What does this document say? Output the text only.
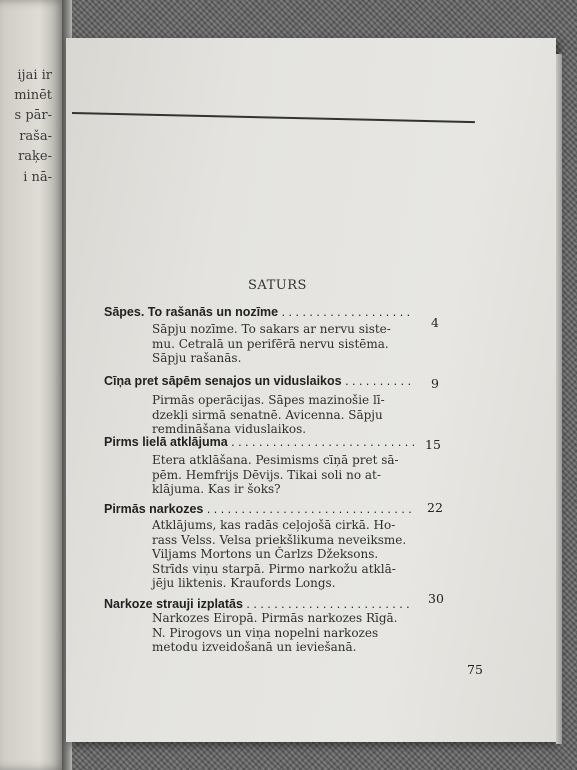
ijai ir
minēt
s pār-
raša-
raķe-
i nā-
SATURS
Sāpes. To rašanās un nozīme . . .
4
Sāpju nozīme. To sakars ar nervu siste-
mu. Cetralā un perifērā nervu sistēma.
Sāpju rašanās.
Cīņa pret sāpēm senajos un viduslaikos . . .	9
Pirmās operācijas. Sāpes mazinošie lī-
dzekļi sirmā senatnē. Avicenna. Sāpju
remdināšana viduslaikos.
Pirms lielā atklājuma . . .	15
Etera atklāšana. Pesimisms cīņā pret sā-
pēm. Hemfrijs Dēvijs. Tikai soli no at-
klājuma. Kas ir šoks?
Pirmās narkozes . . .	22
Atklājums, kas radās ceļojošā cirkā. Ho-
rass Velss. Velsa priekšlikuma neveiksme.
Viljams Mortons un Čarlzs Džeksons.
Strīds viņu starpā. Pirmo narkožu atklā-
jēju liktenis. Kraufords Longs.
Narkoze strauji izplatās . . .	30
Narkozes Eiropā. Pirmās narkozes Rīgā.
N. Pirogovs un viņa nopelni narkozes
metodu izveidošanā un ieviešanā.
75
